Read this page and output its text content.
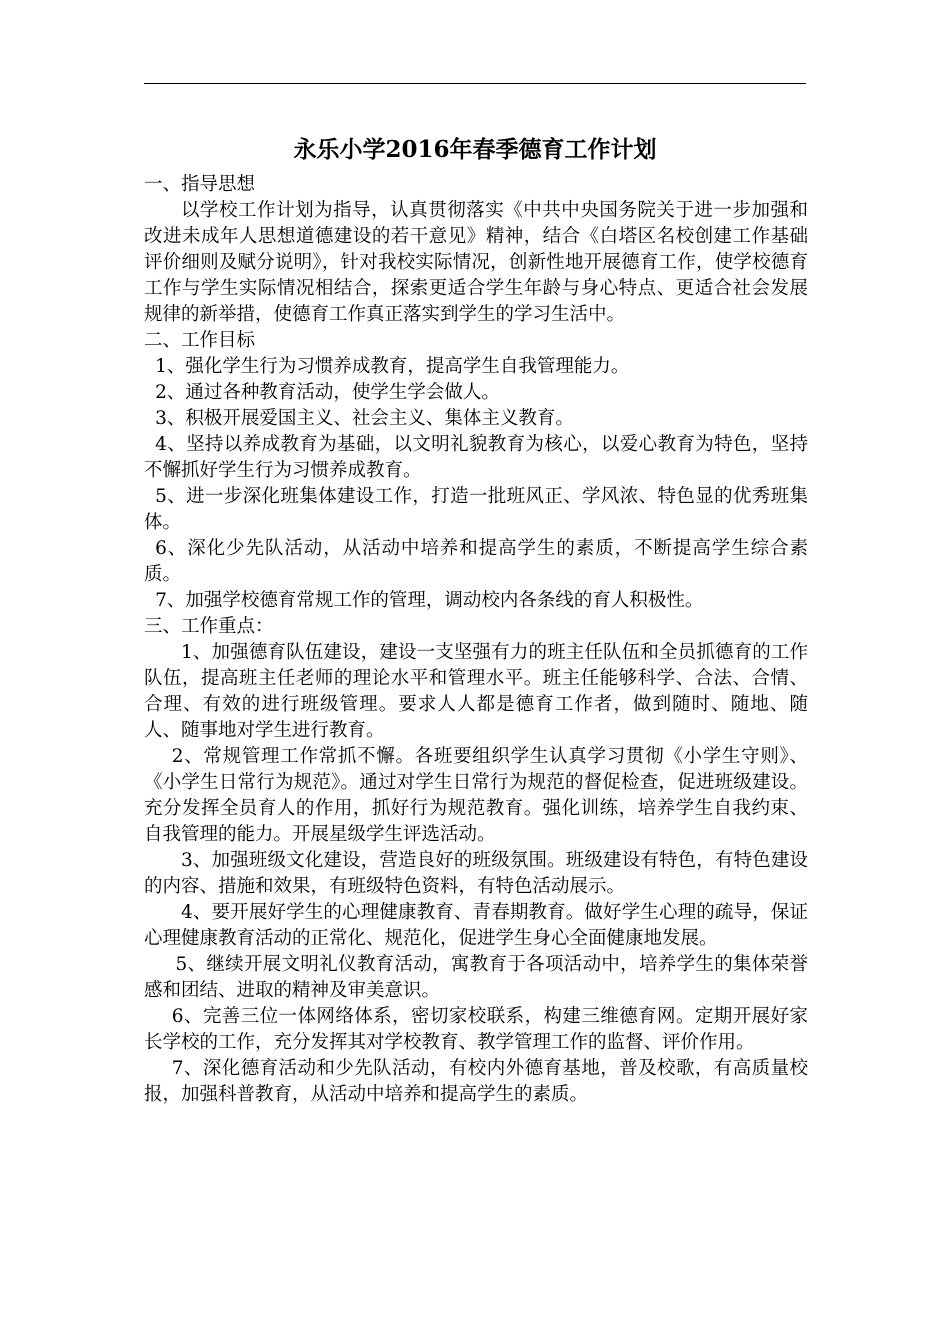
永乐小学2016年春季德育工作计划

一、指导思想

以学校工作计划为指导，认真贯彻落实《中共中央国务院关于进一步加强和改进未成年人思想道德建设的若干意见》精神，结合《白塔区名校创建工作基础评价细则及赋分说明》，针对我校实际情况，创新性地开展德育工作，使学校德育工作与学生实际情况相结合，探索更适合学生年龄与身心特点、更适合社会发展规律的新举措，使德育工作真正落实到学生的学习生活中。

二、工作目标

1、强化学生行为习惯养成教育，提高学生自我管理能力。

2、通过各种教育活动，使学生学会做人。

3、积极开展爱国主义、社会主义、集体主义教育。

4、坚持以养成教育为基础，以文明礼貌教育为核心，以爱心教育为特色，坚持不懈抓好学生行为习惯养成教育。

5、进一步深化班集体建设工作，打造一批班风正、学风浓、特色显的优秀班集体。

6、深化少先队活动，从活动中培养和提高学生的素质，不断提高学生综合素质。

7、加强学校德育常规工作的管理，调动校内各条线的育人积极性。

三、工作重点：

1、加强德育队伍建设，建设一支坚强有力的班主任队伍和全员抓德育的工作队伍，提高班主任老师的理论水平和管理水平。班主任能够科学、合法、合情、合理、有效的进行班级管理。要求人人都是德育工作者，做到随时、随地、随人、随事地对学生进行教育。

2、常规管理工作常抓不懈。各班要组织学生认真学习贯彻《小学生守则》、《小学生日常行为规范》。通过对学生日常行为规范的督促检查，促进班级建设。充分发挥全员育人的作用，抓好行为规范教育。强化训练，培养学生自我约束、自我管理的能力。开展星级学生评选活动。

3、加强班级文化建设，营造良好的班级氛围。班级建设有特色，有特色建设的内容、措施和效果，有班级特色资料，有特色活动展示。

4、要开展好学生的心理健康教育、青春期教育。做好学生心理的疏导，保证心理健康教育活动的正常化、规范化，促进学生身心全面健康地发展。

5、继续开展文明礼仪教育活动，寓教育于各项活动中，培养学生的集体荣誉感和团结、进取的精神及审美意识。

6、完善三位一体网络体系，密切家校联系，构建三维德育网。定期开展好家长学校的工作，充分发挥其对学校教育、教学管理工作的监督、评价作用。

7、深化德育活动和少先队活动，有校内外德育基地，普及校歌，有高质量校报，加强科普教育，从活动中培养和提高学生的素质。
